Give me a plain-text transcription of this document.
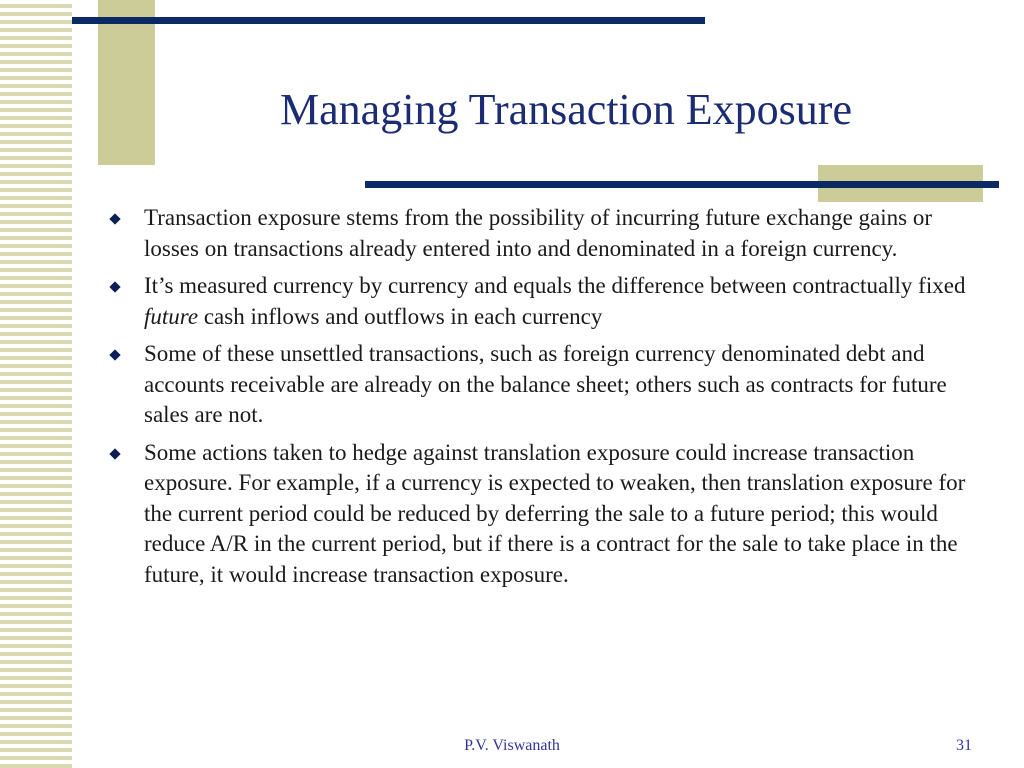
Managing Transaction Exposure
Transaction exposure stems from the possibility of incurring future exchange gains or losses on transactions already entered into and denominated in a foreign currency.
It’s measured currency by currency and equals the difference between contractually fixed future cash inflows and outflows in each currency
Some of these unsettled transactions, such as foreign currency denominated debt and accounts receivable are already on the balance sheet; others such as contracts for future sales are not.
Some actions taken to hedge against translation exposure could increase transaction exposure. For example, if a currency is expected to weaken, then translation exposure for the current period could be reduced by deferring the sale to a future period; this would reduce A/R in the current period, but if there is a contract for the sale to take place in the future, it would increase transaction exposure.
P.V. Viswanath	31
